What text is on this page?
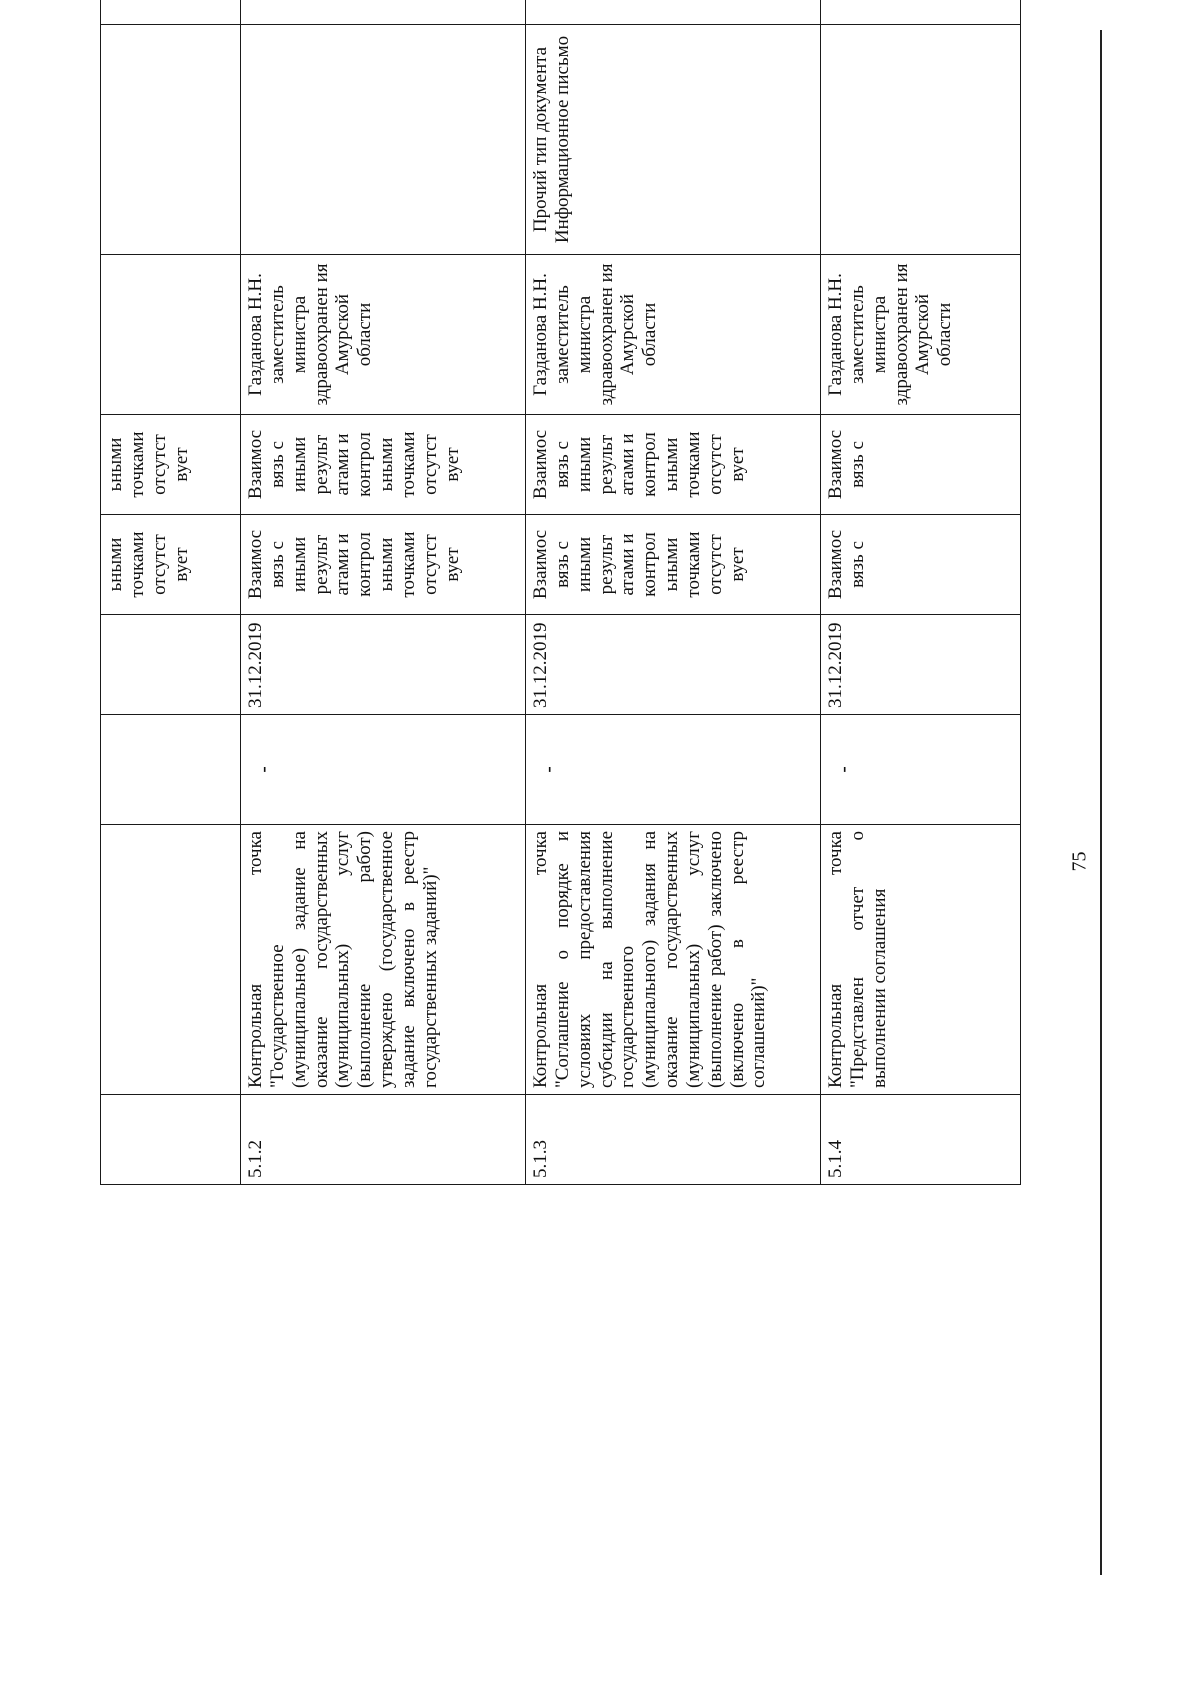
				ьными точками отсутст вует	ьными точками отсутст вует				
5.1.2	Контрольная точка "Государственное (муниципальное) задание на оказание государственных (муниципальных) услуг (выполнение работ) утверждено (государственное задание включено в реестр государственных заданий)"	-	31.12.2019	Взаимос вязь с иными результ атами и контрол ьными точками отсутст вует	Взаимос вязь с иными результ атами и контрол ьными точками отсутст вует	Газданова Н.Н. заместитель министра здравоохранен ия Амурской области			
5.1.3	Контрольная точка "Соглашение о порядке и условиях предоставления субсидии на выполнение государственного (муниципального) задания на оказание государственных (муниципальных) услуг (выполнение работ) заключено (включено в реестр соглашений)"	-	31.12.2019	Взаимос вязь с иными результ атами и контрол ьными точками отсутст вует	Взаимос вязь с иными результ атами и контрол ьными точками отсутст вует	Газданова Н.Н. заместитель министра здравоохранен ия Амурской области	Прочий тип документа Информационное письмо		
5.1.4	Контрольная точка "Представлен отчет о выполнении соглашения	-	31.12.2019	Взаимос вязь с	Взаимос вязь с	Газданова Н.Н. заместитель министра здравоохранен ия Амурской области			
75
